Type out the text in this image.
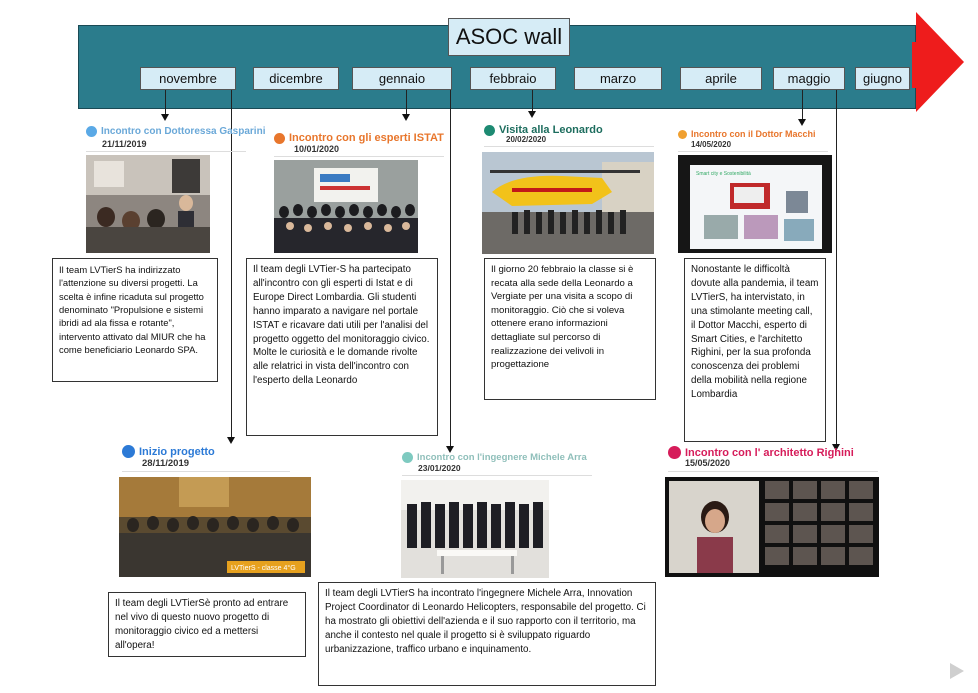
ASOC wall
novembre	dicembre	gennaio	febbraio	marzo	aprile	maggio	giugno
Incontro con Dottoressa Gasparini
21/11/2019
Il team LVTierS ha indirizzato l'attenzione su diversi progetti. La scelta è infine ricaduta sul progetto denominato "Propulsione e sistemi ibridi ad ala fissa e rotante", intervento attivato dal MIUR che ha come beneficiario Leonardo SPA.
Incontro con gli esperti ISTAT
10/01/2020
Il team degli LVTier-S ha partecipato all'incontro con gli esperti di Istat e di Europe Direct Lombardia. Gli studenti hanno imparato a navigare nel portale ISTAT e ricavare dati utili per l'analisi del progetto oggetto del monitoraggio civico. Molte le curiosità e le domande rivolte alle relatrici in vista dell'incontro con l'esperto della Leonardo
Visita alla Leonardo
20/02/2020
Il giorno 20 febbraio la classe si è recata alla sede della Leonardo a Vergiate per una visita a scopo di monitoraggio. Ciò che si voleva ottenere erano informazioni dettagliate sul percorso di realizzazione dei velivoli in progettazione
Incontro con il Dottor Macchi
14/05/2020
Smart city e Sostenibilità
Nonostante le difficoltà dovute alla pandemia, il team LVTierS, ha intervistato, in una stimolante meeting call, il Dottor Macchi, esperto di Smart Cities, e l'architetto Righini, per la sua profonda conoscenza dei problemi della mobilità nella regione Lombardia
Inizio progetto
28/11/2019
LVTierS - classe 4°G
Il team degli LVTierSè pronto ad entrare nel vivo di questo nuovo progetto di monitoraggio civico ed a mettersi all'opera!
Incontro con l'ingegnere Michele Arra
23/01/2020
Il team degli LVTierS ha incontrato l'ingegnere Michele Arra, Innovation Project Coordinator di Leonardo Helicopters, responsabile del progetto. Ci ha mostrato gli obiettivi dell'azienda e il suo rapporto con il territorio, ma anche il contesto nel quale il progetto si è sviluppato riguardo urbanizzazione, traffico urbano e inquinamento.
Incontro con l' architetto Righini
15/05/2020
